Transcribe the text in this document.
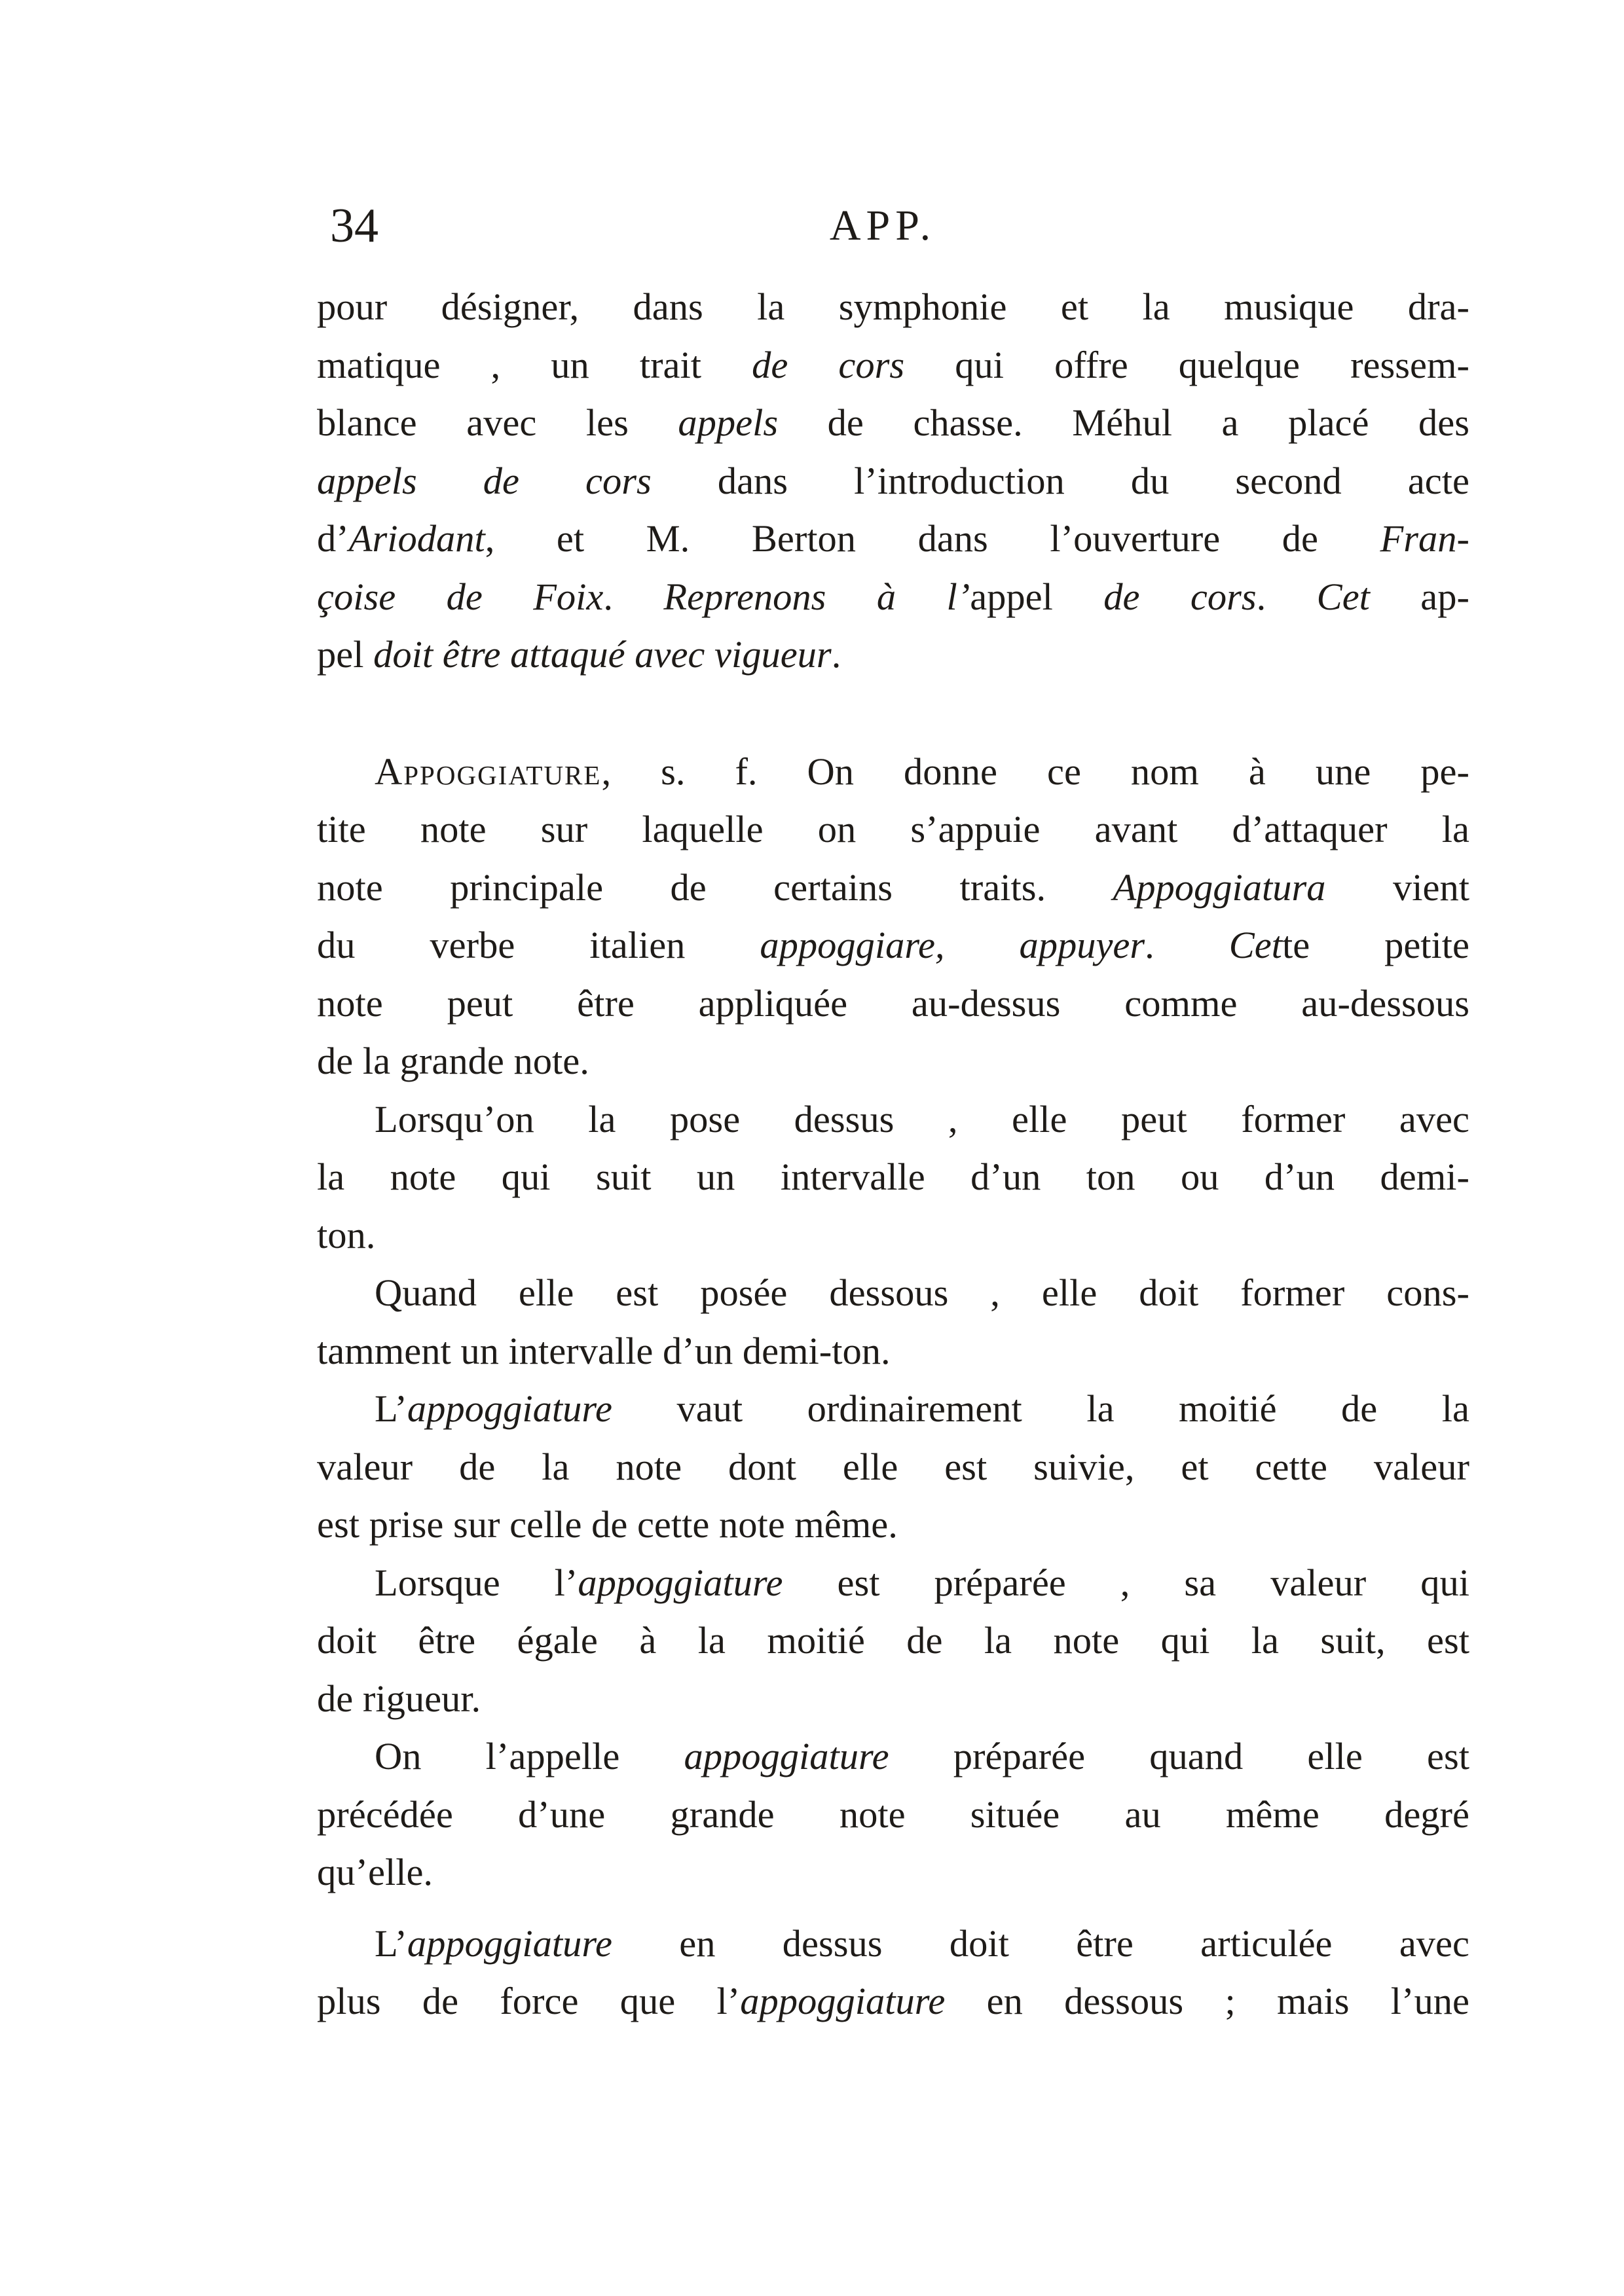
34	APP.
pour désigner, dans la symphonie et la musique dra-
matique , un trait de cors qui offre quelque ressem-
blance avec les appels de chasse. Méhul a placé des
appels de cors dans l’introduction du second acte
d’Ariodant, et M. Berton dans l’ouverture de Fran-
çoise de Foix. Reprenons à l’appel de cors. Cet ap-
pel doit être attaqué avec vigueur.
Appoggiature, s. f. On donne ce nom à une pe-
tite note sur laquelle on s’appuie avant d’attaquer la
note principale de certains traits. Appoggiatura vient
du verbe italien appoggiare, appuyer. Cette petite
note peut être appliquée au-dessus comme au-dessous
de la grande note.
Lorsqu’on la pose dessus , elle peut former avec
la note qui suit un intervalle d’un ton ou d’un demi-
ton.
Quand elle est posée dessous , elle doit former cons-
tamment un intervalle d’un demi-ton.
L’appoggiature vaut ordinairement la moitié de la
valeur de la note dont elle est suivie, et cette valeur
est prise sur celle de cette note même.
Lorsque l’appoggiature est préparée , sa valeur qui
doit être égale à la moitié de la note qui la suit, est
de rigueur.
On l’appelle appoggiature préparée quand elle est
précédée d’une grande note située au même degré
qu’elle.
L’appoggiature en dessus doit être articulée avec
plus de force que l’appoggiature en dessous ; mais l’une
